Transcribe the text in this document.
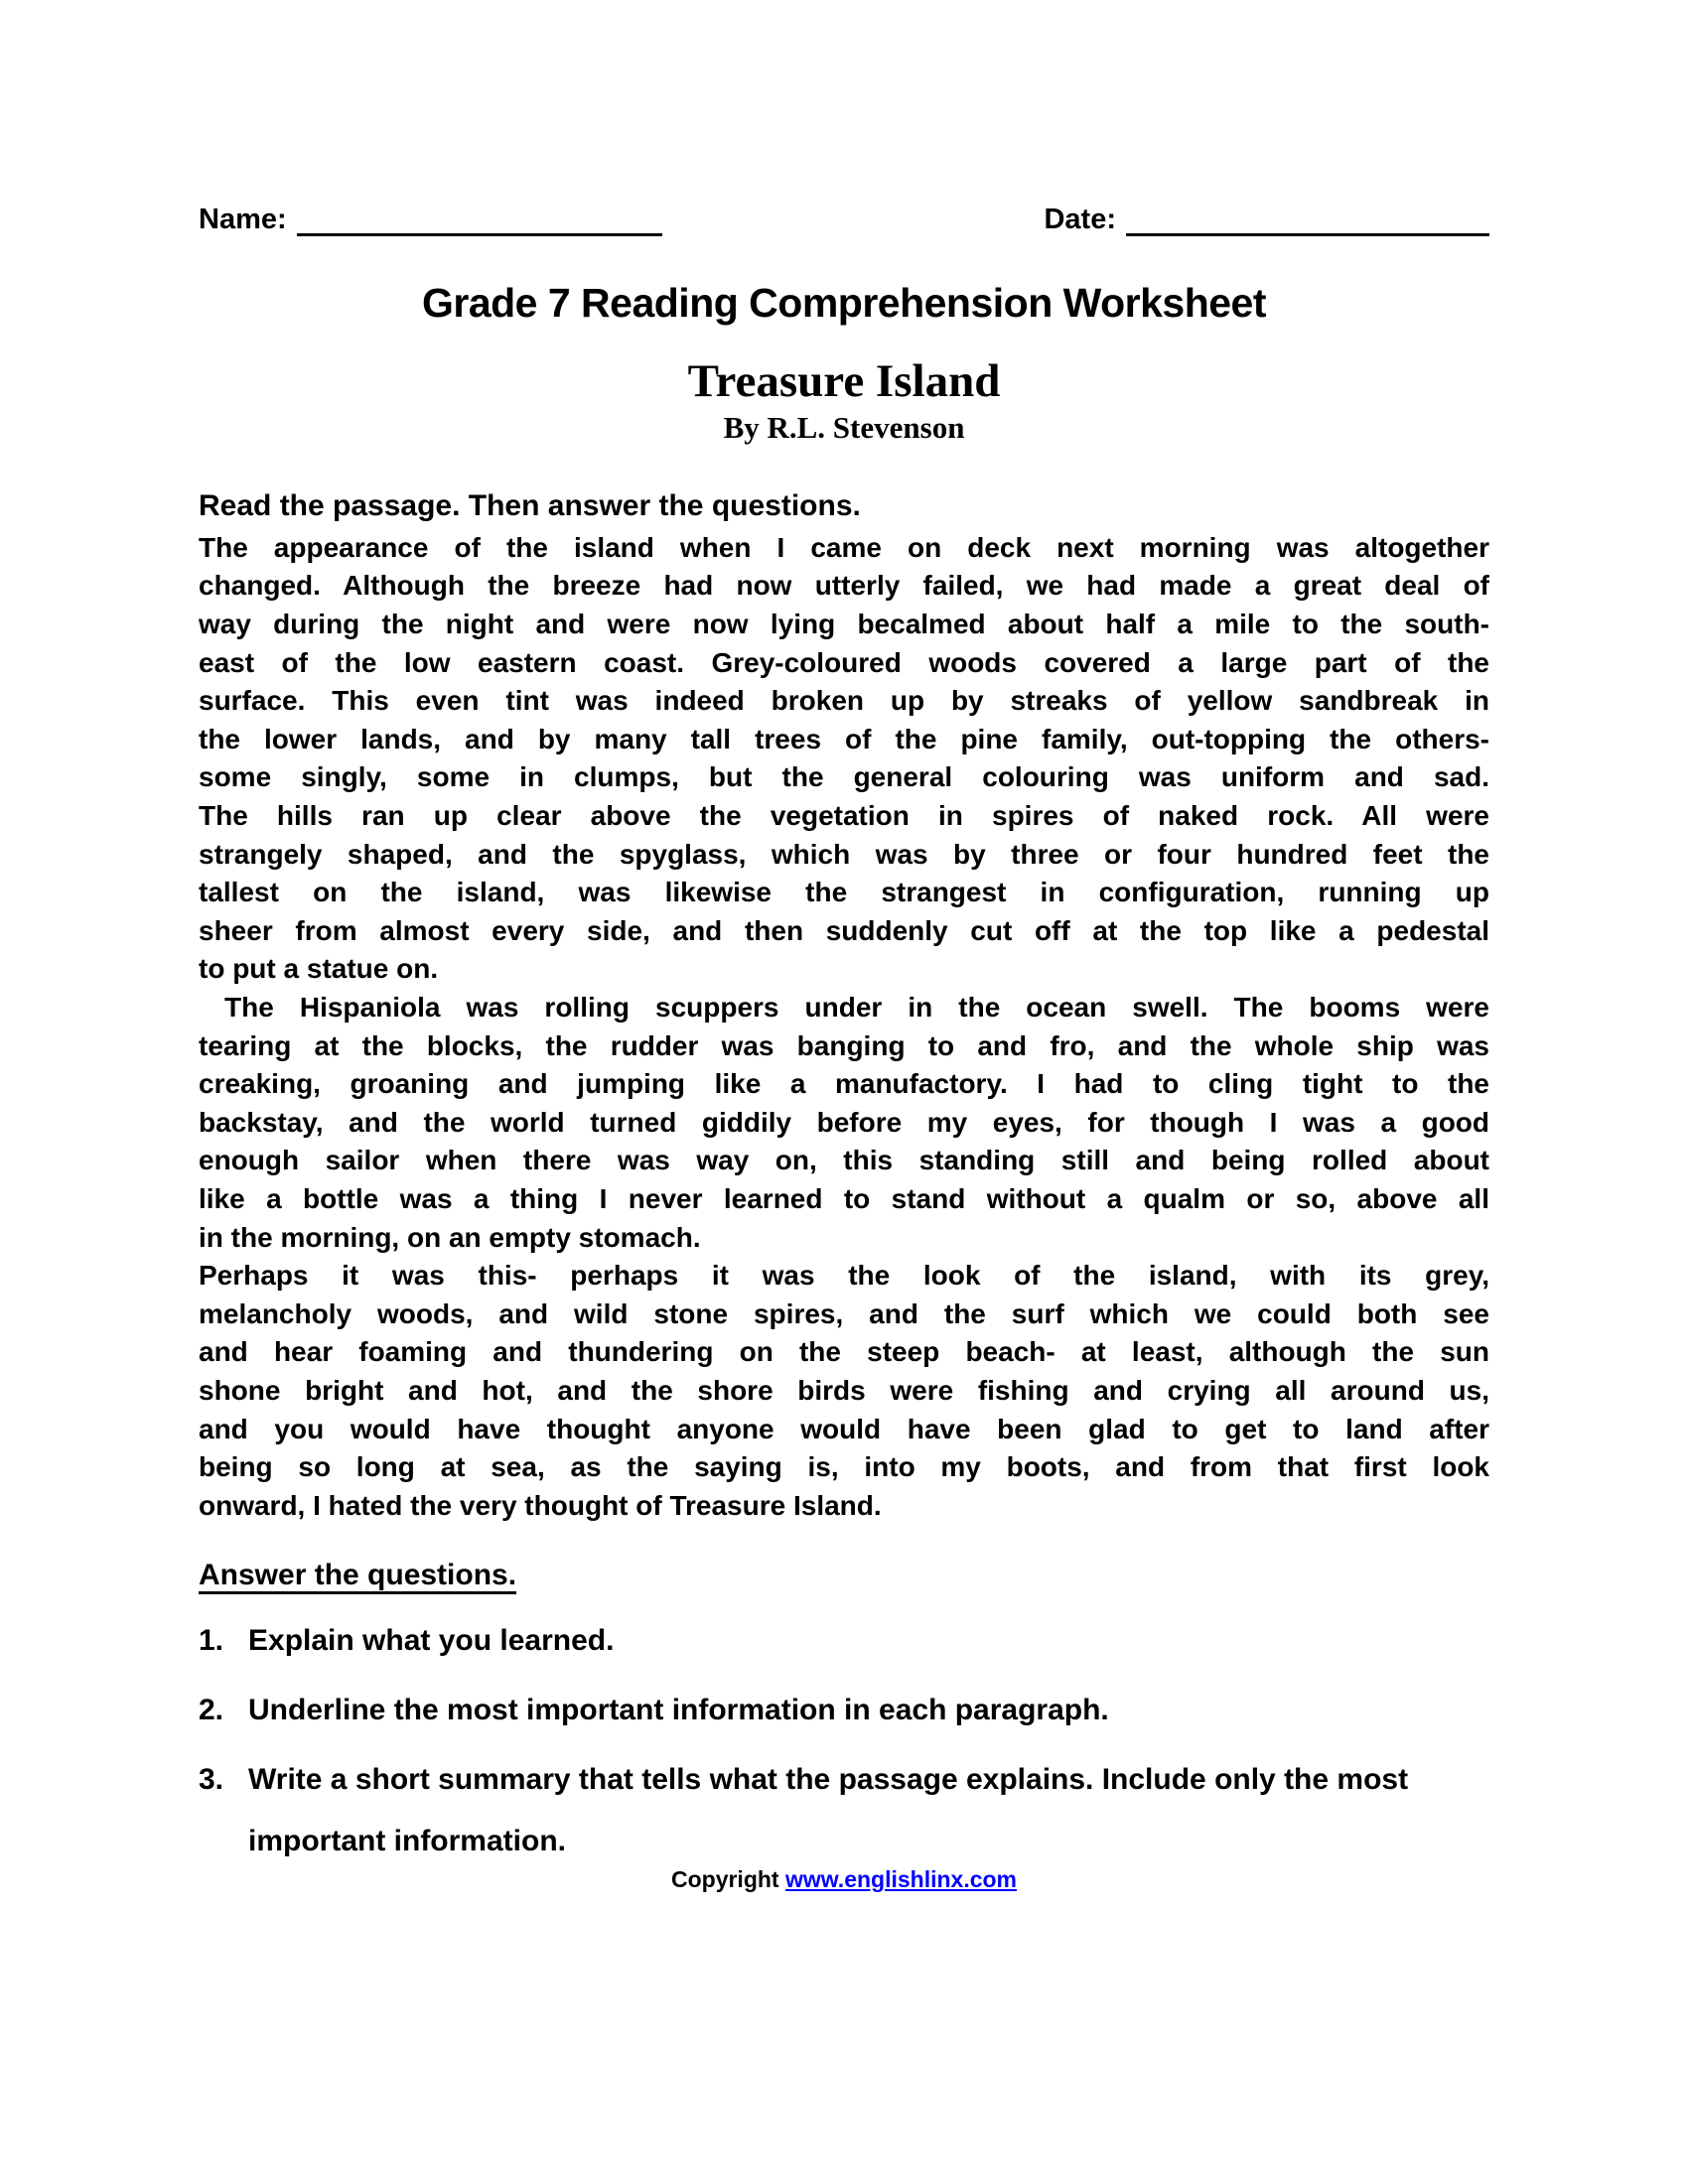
Name:	Date:
Grade 7 Reading Comprehension Worksheet
Treasure Island
By R.L. Stevenson
Read the passage. Then answer the questions.
The appearance of the island when I came on deck next morning was altogether
changed. Although the breeze had now utterly failed, we had made a great deal of
way during the night and were now lying becalmed about half a mile to the south-
east of the low eastern coast. Grey-coloured woods covered a large part of the
surface. This even tint was indeed broken up by streaks of yellow sandbreak in
the lower lands, and by many tall trees of the pine family, out-topping the others-
some singly, some in clumps, but the general colouring was uniform and sad.
The hills ran up clear above the vegetation in spires of naked rock. All were
strangely shaped, and the spyglass, which was by three or four hundred feet the
tallest on the island, was likewise the strangest in configuration, running up
sheer from almost every side, and then suddenly cut off at the top like a pedestal
to put a statue on.
The Hispaniola was rolling scuppers under in the ocean swell. The booms were
tearing at the blocks, the rudder was banging to and fro, and the whole ship was
creaking, groaning and jumping like a manufactory. I had to cling tight to the
backstay, and the world turned giddily before my eyes, for though I was a good
enough sailor when there was way on, this standing still and being rolled about
like a bottle was a thing I never learned to stand without a qualm or so, above all
in the morning, on an empty stomach.
Perhaps it was this- perhaps it was the look of the island, with its grey,
melancholy woods, and wild stone spires, and the surf which we could both see
and hear foaming and thundering on the steep beach- at least, although the sun
shone bright and hot, and the shore birds were fishing and crying all around us,
and you would have thought anyone would have been glad to get to land after
being so long at sea, as the saying is, into my boots, and from that first look
onward, I hated the very thought of Treasure Island.
Answer the questions.
1. Explain what you learned.
2. Underline the most important information in each paragraph.
3. Write a short summary that tells what the passage explains. Include only the most important information.
Copyright www.englishlinx.com
